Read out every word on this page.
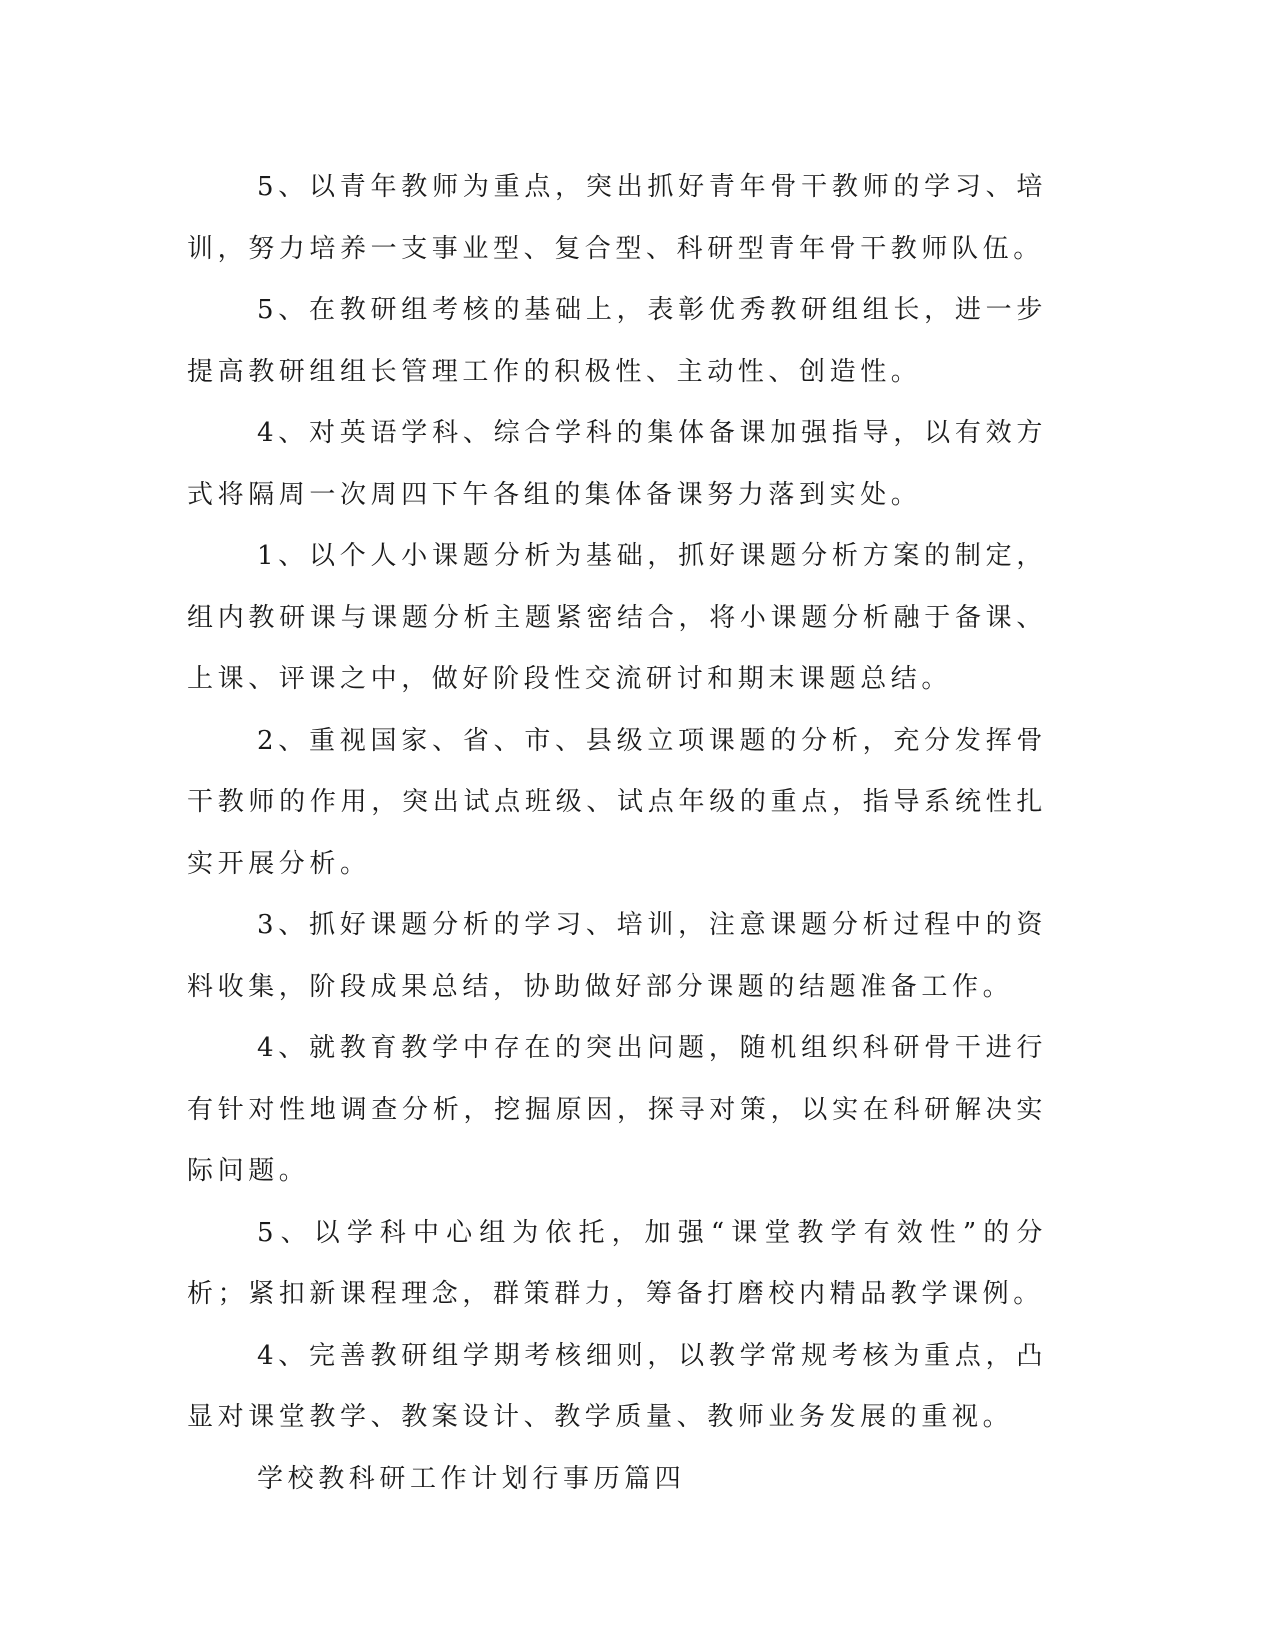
5、以青年教师为重点，突出抓好青年骨干教师的学习、培训，努力培养一支事业型、复合型、科研型青年骨干教师队伍。

5、在教研组考核的基础上，表彰优秀教研组组长，进一步提高教研组组长管理工作的积极性、主动性、创造性。

4、对英语学科、综合学科的集体备课加强指导，以有效方式将隔周一次周四下午各组的集体备课努力落到实处。

1、以个人小课题分析为基础，抓好课题分析方案的制定，组内教研课与课题分析主题紧密结合，将小课题分析融于备课、上课、评课之中，做好阶段性交流研讨和期末课题总结。

2、重视国家、省、市、县级立项课题的分析，充分发挥骨干教师的作用，突出试点班级、试点年级的重点，指导系统性扎实开展分析。

3、抓好课题分析的学习、培训，注意课题分析过程中的资料收集，阶段成果总结，协助做好部分课题的结题准备工作。

4、就教育教学中存在的突出问题，随机组织科研骨干进行有针对性地调查分析，挖掘原因，探寻对策，以实在科研解决实际问题。

5、以学科中心组为依托，加强“课堂教学有效性”的分析；紧扣新课程理念，群策群力，筹备打磨校内精品教学课例。

4、完善教研组学期考核细则，以教学常规考核为重点，凸显对课堂教学、教案设计、教学质量、教师业务发展的重视。

学校教科研工作计划行事历篇四
